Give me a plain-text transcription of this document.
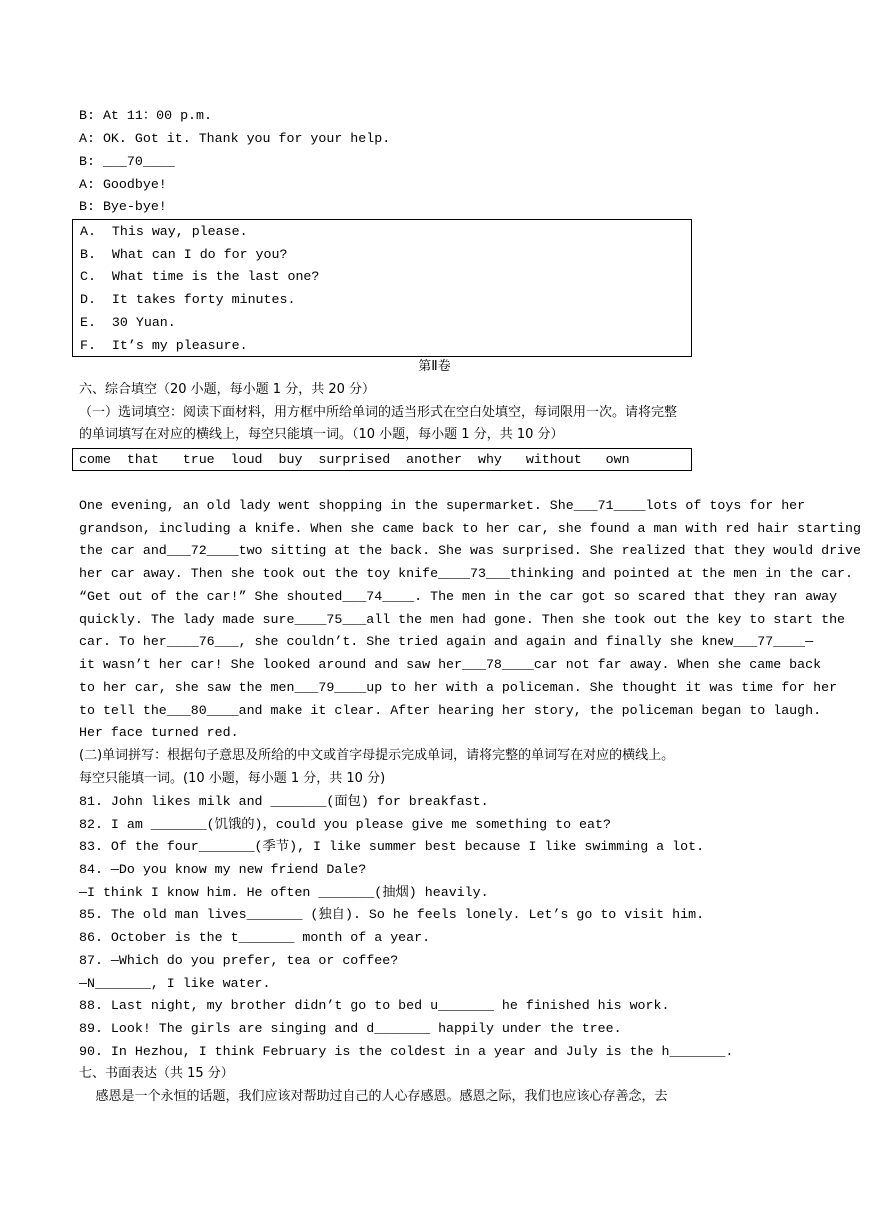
B: At 11：00 p.m.
A: OK. Got it. Thank you for your help.
B: ___70____
A: Goodbye!
B: Bye-bye!
A.  This way, please.
B.  What can I do for you?
C.  What time is the last one?
D.  It takes forty minutes.
E.  30 Yuan.
F.  It’s my pleasure.
第Ⅱ卷
六、综合填空（20 小题，每小题 1 分，共 20 分）
（一）选词填空：阅读下面材料，用方框中所给单词的适当形式在空白处填空，每词限用一次。请将完整
的单词填写在对应的横线上，每空只能填一词。（10 小题，每小题 1 分，共 10 分）
come  that   true  loud  buy  surprised  another  why   without   own
One evening, an old lady went shopping in the supermarket. She___71____lots of toys for her
grandson, including a knife. When she came back to her car, she found a man with red hair starting
the car and___72____two sitting at the back. She was surprised. She realized that they would drive
her car away. Then she took out the toy knife____73___thinking and pointed at the men in the car.
“Get out of the car!” She shouted___74____. The men in the car got so scared that they ran away
quickly. The lady made sure____75___all the men had gone. Then she took out the key to start the
car. To her____76___, she couldn’t. She tried again and again and finally she knew___77____—
it wasn’t her car! She looked around and saw her___78____car not far away. When she came back
to her car, she saw the men___79____up to her with a policeman. She thought it was time for her
to tell the___80____and make it clear. After hearing her story, the policeman began to laugh.
Her face turned red.
(二)单词拼写：根据句子意思及所给的中文或首字母提示完成单词，请将完整的单词写在对应的横线上。
每空只能填一词。(10 小题，每小题 1 分，共 10 分)
81. John likes milk and _______(面包) for breakfast.
82. I am _______(饥饿的)，could you please give me something to eat?
83. Of the four_______(季节), I like summer best because I like swimming a lot.
84. —Do you know my new friend Dale?
—I think I know him. He often _______(抽烟) heavily.
85. The old man lives_______ (独自). So he feels lonely. Let’s go to visit him.
86. October is the t_______ month of a year.
87. —Which do you prefer, tea or coffee?
—N_______, I like water.
88. Last night, my brother didn’t go to bed u_______ he finished his work.
89. Look! The girls are singing and d_______ happily under the tree.
90. In Hezhou, I think February is the coldest in a year and July is the h_______.
七、书面表达（共 15 分）
感恩是一个永恒的话题，我们应该对帮助过自己的人心存感恩。感恩之际，我们也应该心存善念，去
